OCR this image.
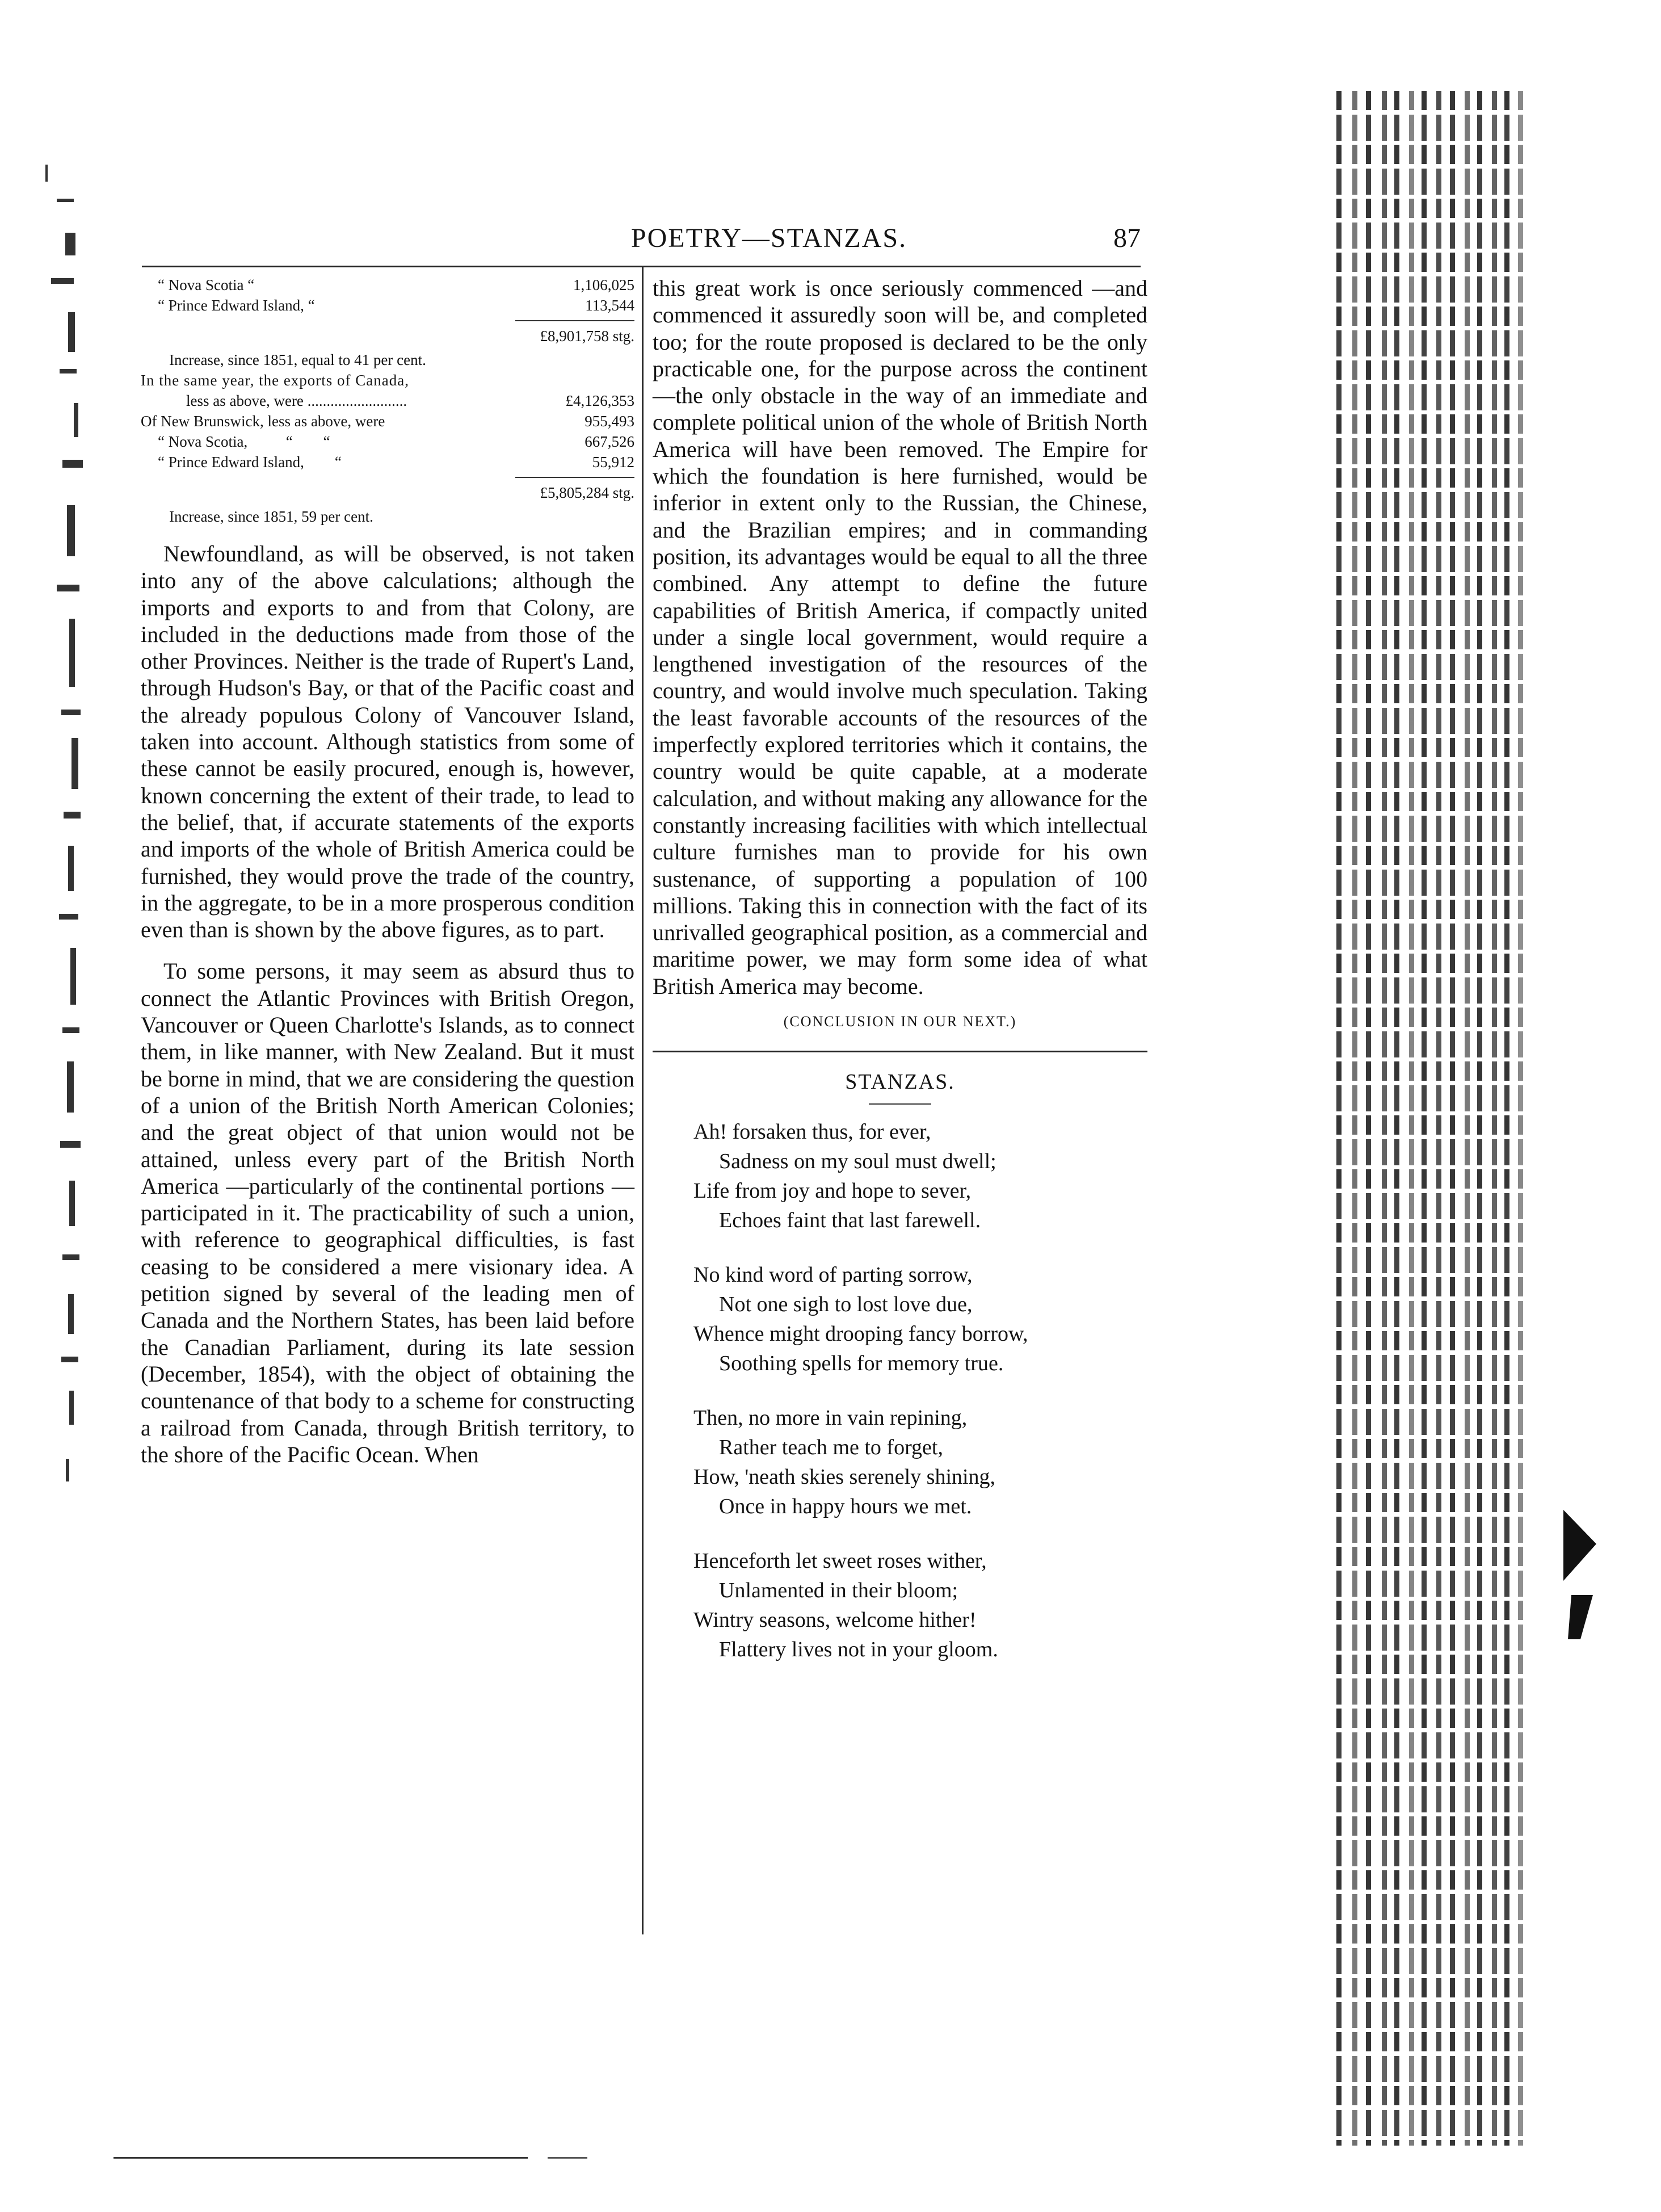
POETRY—STANZAS.	87
“ Nova Scotia “	1,106,025
“ Prince Edward Island, “	113,544
£8,901,758 stg.
Increase, since 1851, equal to 41 per cent.
In the same year, the exports of Canada,
less as above, were ..........................	£4,126,353
Of New Brunswick, less as above, were	955,493
“ Nova Scotia,          “        “	667,526
“ Prince Edward Island,        “	55,912
£5,805,284 stg.
Increase, since 1851, 59 per cent.

Newfoundland, as will be observed, is not taken into any of the above calculations; although the imports and exports to and from that Colony, are included in the deductions made from those of the other Provinces. Neither is the trade of Rupert's Land, through Hudson's Bay, or that of the Pacific coast and the already populous Colony of Vancouver Island, taken into account. Although statistics from some of these cannot be easily procured, enough is, however, known concerning the extent of their trade, to lead to the belief, that, if accurate statements of the exports and imports of the whole of British America could be furnished, they would prove the trade of the country, in the aggregate, to be in a more prosperous condition even than is shown by the above figures, as to part.

To some persons, it may seem as absurd thus to connect the Atlantic Provinces with British Oregon, Vancouver or Queen Charlotte's Islands, as to connect them, in like manner, with New Zealand. But it must be borne in mind, that we are considering the question of a union of the British North American Colonies; and the great object of that union would not be attained, unless every part of the British North America —particularly of the continental portions —participated in it. The practicability of such a union, with reference to geographical difficulties, is fast ceasing to be considered a mere visionary idea. A petition signed by several of the leading men of Canada and the Northern States, has been laid before the Canadian Parliament, during its late session (December, 1854), with the object of obtaining the countenance of that body to a scheme for constructing a railroad from Canada, through British territory, to the shore of the Pacific Ocean. When

this great work is once seriously commenced —and commenced it assuredly soon will be, and completed too; for the route proposed is declared to be the only practicable one, for the purpose across the continent—the only obstacle in the way of an immediate and complete political union of the whole of British North America will have been removed. The Empire for which the foundation is here furnished, would be inferior in extent only to the Russian, the Chinese, and the Brazilian empires; and in commanding position, its advantages would be equal to all the three combined. Any attempt to define the future capabilities of British America, if compactly united under a single local government, would require a lengthened investigation of the resources of the country, and would involve much speculation. Taking the least favorable accounts of the resources of the imperfectly explored territories which it contains, the country would be quite capable, at a moderate calculation, and without making any allowance for the constantly increasing facilities with which intellectual culture furnishes man to provide for his own sustenance, of supporting a population of 100 millions. Taking this in connection with the fact of its unrivalled geographical position, as a commercial and maritime power, we may form some idea of what British America may become.

(CONCLUSION IN OUR NEXT.)
STANZAS.
Ah! forsaken thus, for ever,
Sadness on my soul must dwell;
Life from joy and hope to sever,
Echoes faint that last farewell.
No kind word of parting sorrow,
Not one sigh to lost love due,
Whence might drooping fancy borrow,
Soothing spells for memory true.
Then, no more in vain repining,
Rather teach me to forget,
How, 'neath skies serenely shining,
Once in happy hours we met.
Henceforth let sweet roses wither,
Unlamented in their bloom;
Wintry seasons, welcome hither!
Flattery lives not in your gloom.
